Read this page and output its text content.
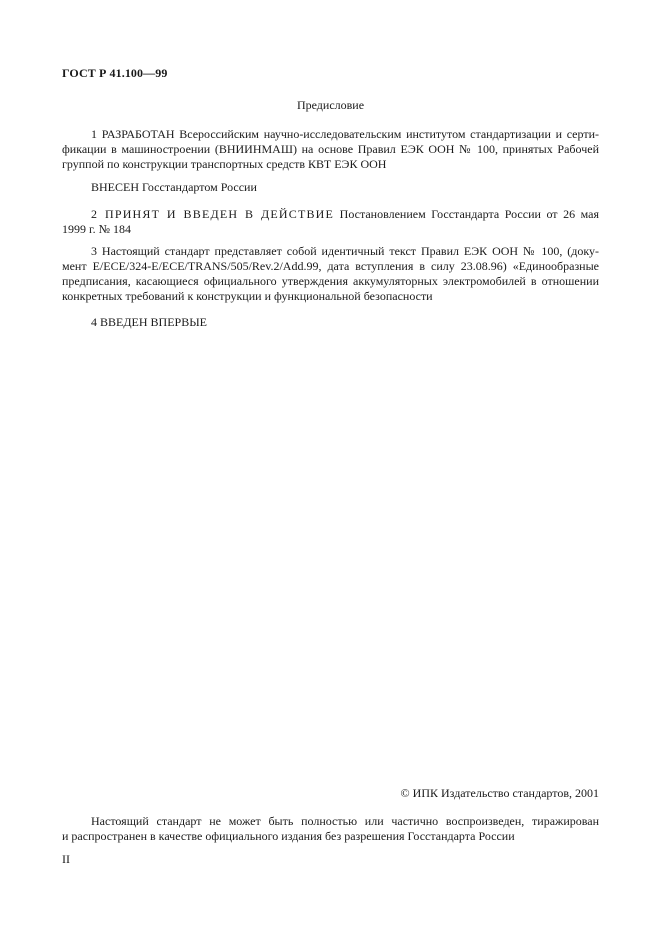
ГОСТ Р 41.100—99
Предисловие
1 РАЗРАБОТАН Всероссийским научно-исследовательским институтом стандартизации и серти-
фикации в машиностроении (ВНИИНМАШ) на основе Правил ЕЭК ООН № 100, принятых Рабочей
группой по конструкции транспортных средств КВТ ЕЭК ООН
ВНЕСЕН Госстандартом России
2 ПРИНЯТ И ВВЕДЕН В ДЕЙСТВИЕ Постановлением Госстандарта России от 26 мая
1999 г. № 184
3 Настоящий стандарт представляет собой идентичный текст Правил ЕЭК ООН № 100, (доку-
мент E/ECE/324-E/ECE/TRANS/505/Rev.2/Add.99, дата вступления в силу 23.08.96) «Единообразные
предписания, касающиеся официального утверждения аккумуляторных электромобилей в отношении
конкретных требований к конструкции и функциональной безопасности
4 ВВЕДЕН ВПЕРВЫЕ
© ИПК Издательство стандартов, 2001
Настоящий стандарт не может быть полностью или частично воспроизведен, тиражирован
и распространен в качестве официального издания без разрешения Госстандарта России
II
